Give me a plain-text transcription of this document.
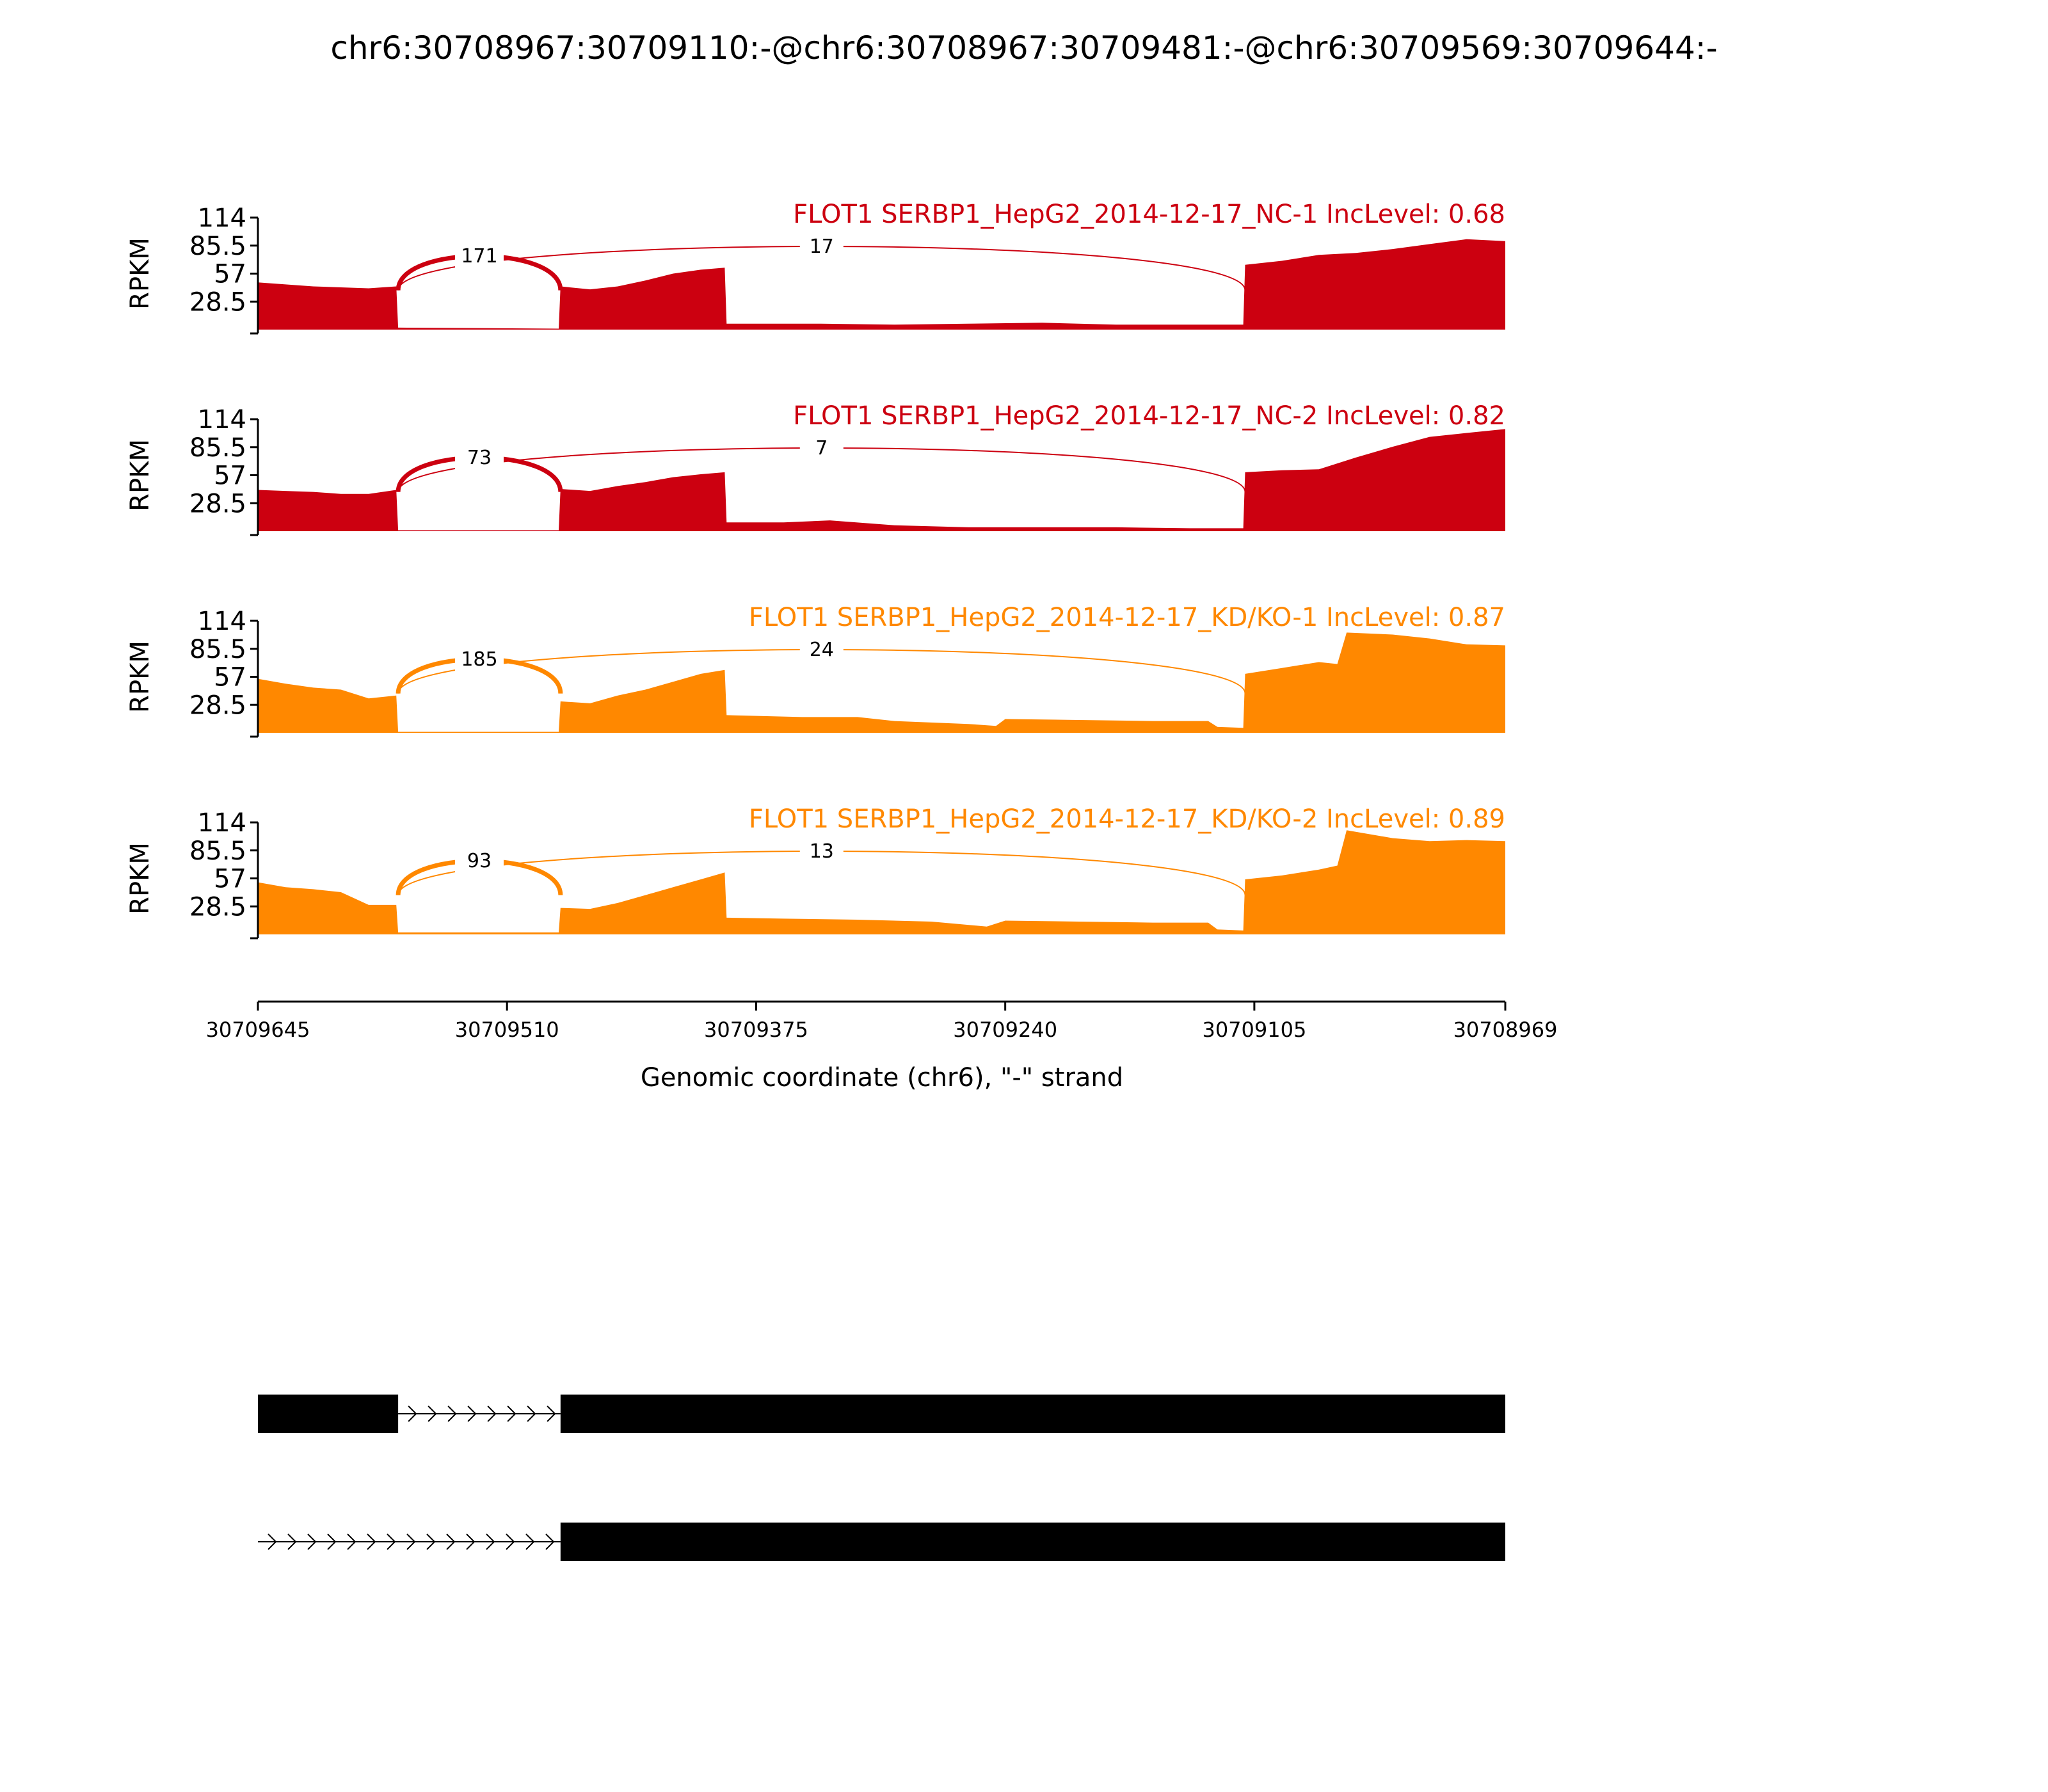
chr6:30708967:30709110:-@chr6:30708967:30709481:-@chr6:30709569:30709644:-
28.5
57
85.5
114
RPKM
FLOT1 SERBP1_HepG2_2014-12-17_NC-1 IncLevel: 0.68
171	17
28.5
57
85.5
114
RPKM
FLOT1 SERBP1_HepG2_2014-12-17_NC-2 IncLevel: 0.82
73	7
28.5
57
85.5
114
RPKM
FLOT1 SERBP1_HepG2_2014-12-17_KD/KO-1 IncLevel: 0.87
185	24
28.5
57
85.5
114
RPKM
FLOT1 SERBP1_HepG2_2014-12-17_KD/KO-2 IncLevel: 0.89
93	13
30709645	30709510	30709375	30709240	30709105	30708969
Genomic coordinate (chr6), "-" strand
